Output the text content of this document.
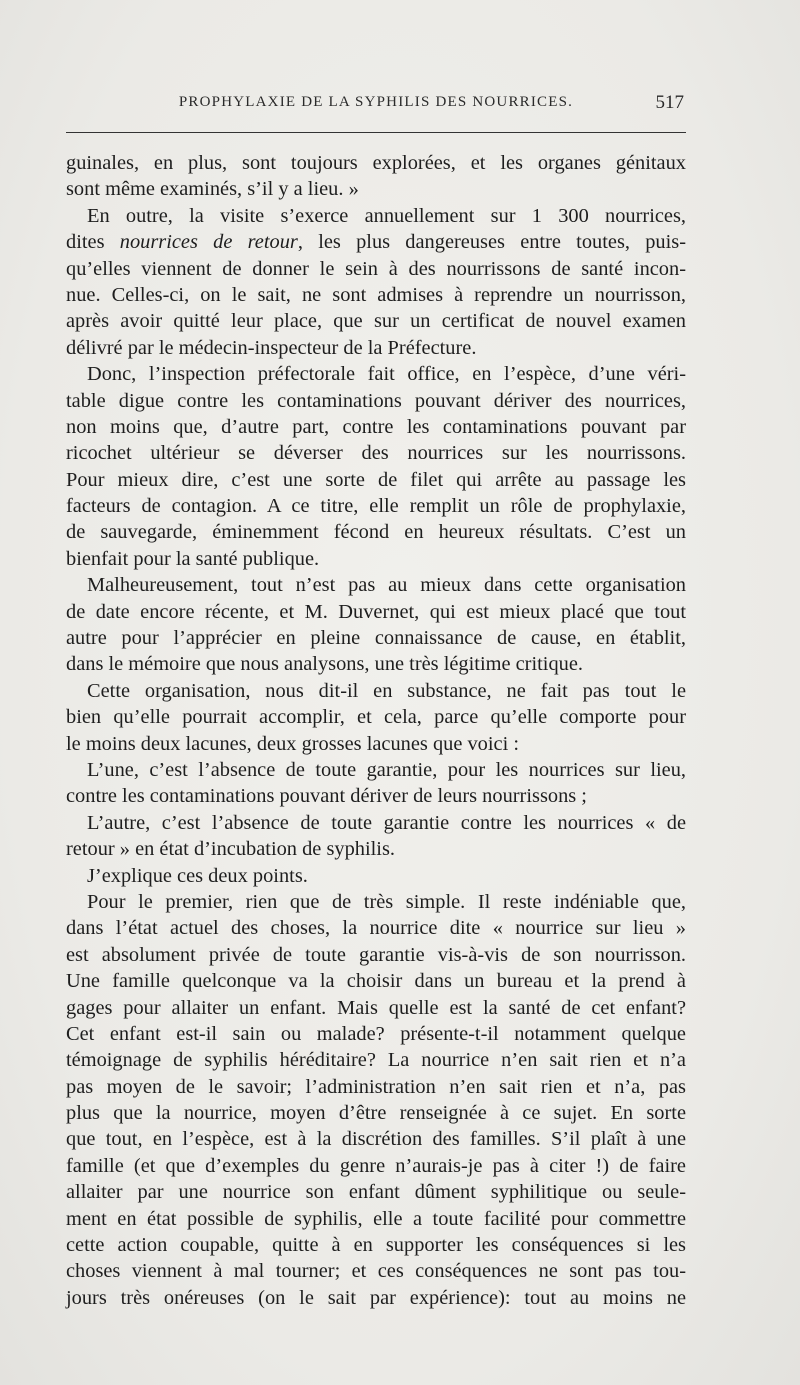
PROPHYLAXIE DE LA SYPHILIS DES NOURRICES.	517
guinales, en plus, sont toujours explorées, et les organes génitaux
sont même examinés, s’il y a lieu. »
En outre, la visite s’exerce annuellement sur 1 300 nourrices,
dites nourrices de retour, les plus dangereuses entre toutes, puis-
qu’elles viennent de donner le sein à des nourrissons de santé incon-
nue. Celles-ci, on le sait, ne sont admises à reprendre un nourrisson,
après avoir quitté leur place, que sur un certificat de nouvel examen
délivré par le médecin-inspecteur de la Préfecture.
Donc, l’inspection préfectorale fait office, en l’espèce, d’une véri-
table digue contre les contaminations pouvant dériver des nourrices,
non moins que, d’autre part, contre les contaminations pouvant par
ricochet ultérieur se déverser des nourrices sur les nourrissons.
Pour mieux dire, c’est une sorte de filet qui arrête au passage les
facteurs de contagion. A ce titre, elle remplit un rôle de prophylaxie,
de sauvegarde, éminemment fécond en heureux résultats. C’est un
bienfait pour la santé publique.
Malheureusement, tout n’est pas au mieux dans cette organisation
de date encore récente, et M. Duvernet, qui est mieux placé que tout
autre pour l’apprécier en pleine connaissance de cause, en établit,
dans le mémoire que nous analysons, une très légitime critique.
Cette organisation, nous dit-il en substance, ne fait pas tout le
bien qu’elle pourrait accomplir, et cela, parce qu’elle comporte pour
le moins deux lacunes, deux grosses lacunes que voici :
L’une, c’est l’absence de toute garantie, pour les nourrices sur lieu,
contre les contaminations pouvant dériver de leurs nourrissons ;
L’autre, c’est l’absence de toute garantie contre les nourrices « de
retour » en état d’incubation de syphilis.
J’explique ces deux points.
Pour le premier, rien que de très simple. Il reste indéniable que,
dans l’état actuel des choses, la nourrice dite « nourrice sur lieu »
est absolument privée de toute garantie vis-à-vis de son nourrisson.
Une famille quelconque va la choisir dans un bureau et la prend à
gages pour allaiter un enfant. Mais quelle est la santé de cet enfant?
Cet enfant est-il sain ou malade? présente-t-il notamment quelque
témoignage de syphilis héréditaire? La nourrice n’en sait rien et n’a
pas moyen de le savoir; l’administration n’en sait rien et n’a, pas
plus que la nourrice, moyen d’être renseignée à ce sujet. En sorte
que tout, en l’espèce, est à la discrétion des familles. S’il plaît à une
famille (et que d’exemples du genre n’aurais-je pas à citer !) de faire
allaiter par une nourrice son enfant dûment syphilitique ou seule-
ment en état possible de syphilis, elle a toute facilité pour commettre
cette action coupable, quitte à en supporter les conséquences si les
choses viennent à mal tourner; et ces conséquences ne sont pas tou-
jours très onéreuses (on le sait par expérience): tout au moins ne
